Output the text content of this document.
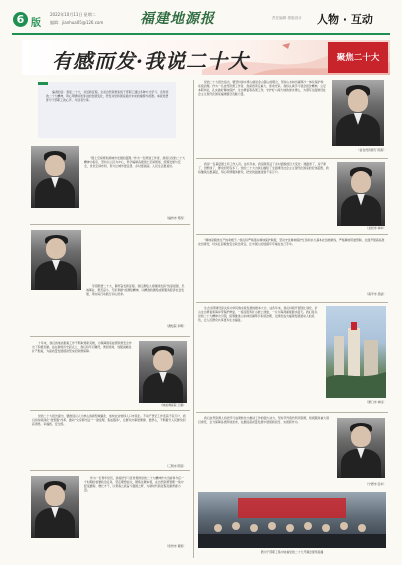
6 版
2022年10月11日 星期二
编辑：jianhua05@126.com	福建地源报	责任编辑 排版设计 人物 · 互动
有感而发·我说二十大	聚焦二十大

编者的话：喜迎二十大，共话新征程。全省自然资源系统干部职工通过多种方式学习、宣传党的二十大精神，用心用情讲述身边的发展变化，抒发对党和国家美好未来的憧憬与祝愿。本版选登部分干部职工的心声，与读者分享。

党的二十大报告指出，要坚持绿水青山就是金山银山的理念，坚持山水林田湖草沙一体化保护和系统治理。作为一名自然资源工作者，我深感责任重大、使命光荣。我将认真学习领会报告精神，立足本职岗位，扎实做好耕地保护、生态修复等各项工作，守护好八闽大地的绿水青山，为谱写全面建设社会主义现代化国家福建篇章贡献力量。

（省自然资源厅 陈燕）

“国土空间规划是城市发展的蓝图。”作为一名规划工作者，我将以党的二十大精神为指引，坚持以人民为中心，科学编制各级国土空间规划，统筹发展与安全，优化空间布局，努力让城市更宜居、乡村更美丽、人民生活更美好。

（福州市 郑涛）

我是一名基层国土所工作人员。这些年来，我亲眼见证了乡村面貌的巨大变化：道路宽了，房子新了，田野绿了，群众的笑容多了。党的二十大为我们描绘了全面建设社会主义现代化国家的宏伟蓝图，我将继续扎根基层，用心用情服务群众，把党的温暖送到千家万户。

（龙岩市 林华）

“耕地是粮食生产的命根子。”我们将严格落实耕地保护制度，坚决守住耕地保护红线和永久基本农田控制线，严格耕地用途管制，全面开展高标准农田建设，切实扛起粮食安全政治责任，让中国人的饭碗牢牢端在自己手中。

（南平市 吴斌）

学思践悟二十大，踔厉奋发新征程。我们测绘人将继续发扬“热爱祖国、忠诚事业、艰苦奋斗、无私奉献”的测绘精神，以精准的测绘成果服务经济社会发展，用实际行动践行初心使命。

（测绘院 李明）

十年来，我们的地质勘查工作不断取得新突破，为保障国家能源资源安全作出了积极贡献。站在新的历史起点上，我们将牢记嘱托，勇担使命，加强战略性矿产勘查，为高质量发展提供坚实的资源保障。

（地质调查院 王刚）

生态文明建设是关系中华民族永续发展的根本大计。这些年来，我们持续开展国土绿化、矿山生态修复和海岸带保护修复，一座座废弃矿山披上绿装，一片片海湾重现碧水蓝天。我们将以党的二十大精神为引领，统筹推进山水林田湖草沙系统治理，让绿色成为福建发展最动人的底色，让人民群众共享更多生态福祉。

（厦门市 林远）

党的二十大报告提出，要推进以人为核心的新型城镇化，加快农业转移人口市民化。不动产登记工作连着千家万户，我们将持续深化“放管服”改革，推动“交房即交证”“一窗受理、集成服务”，让群众办事更便捷、更舒心，不断提升人民群众的获得感、幸福感、安全感。

（三明市 陈思）

作为一名青年党员，我将把学习宣传贯彻党的二十大精神作为当前和今后一个时期的首要政治任务，坚定理想信念，锤炼过硬本领，在自然资源管理一线中经受磨砺、增长才干，以青春之我奋斗强国之梦，为新时代新征程贡献青春力量。

（泉州市 黄凯）

我们自然资源人将把学习成果转化为推动工作的强大动力，坚持节约集约利用资源，积极服务重大项目建设，全力保障各类用地需求，在推进高质量发展中展现新担当、实现新作为。

（宁德市 张华）
图为干部职工集中收看党的二十大开幕会现场直播
